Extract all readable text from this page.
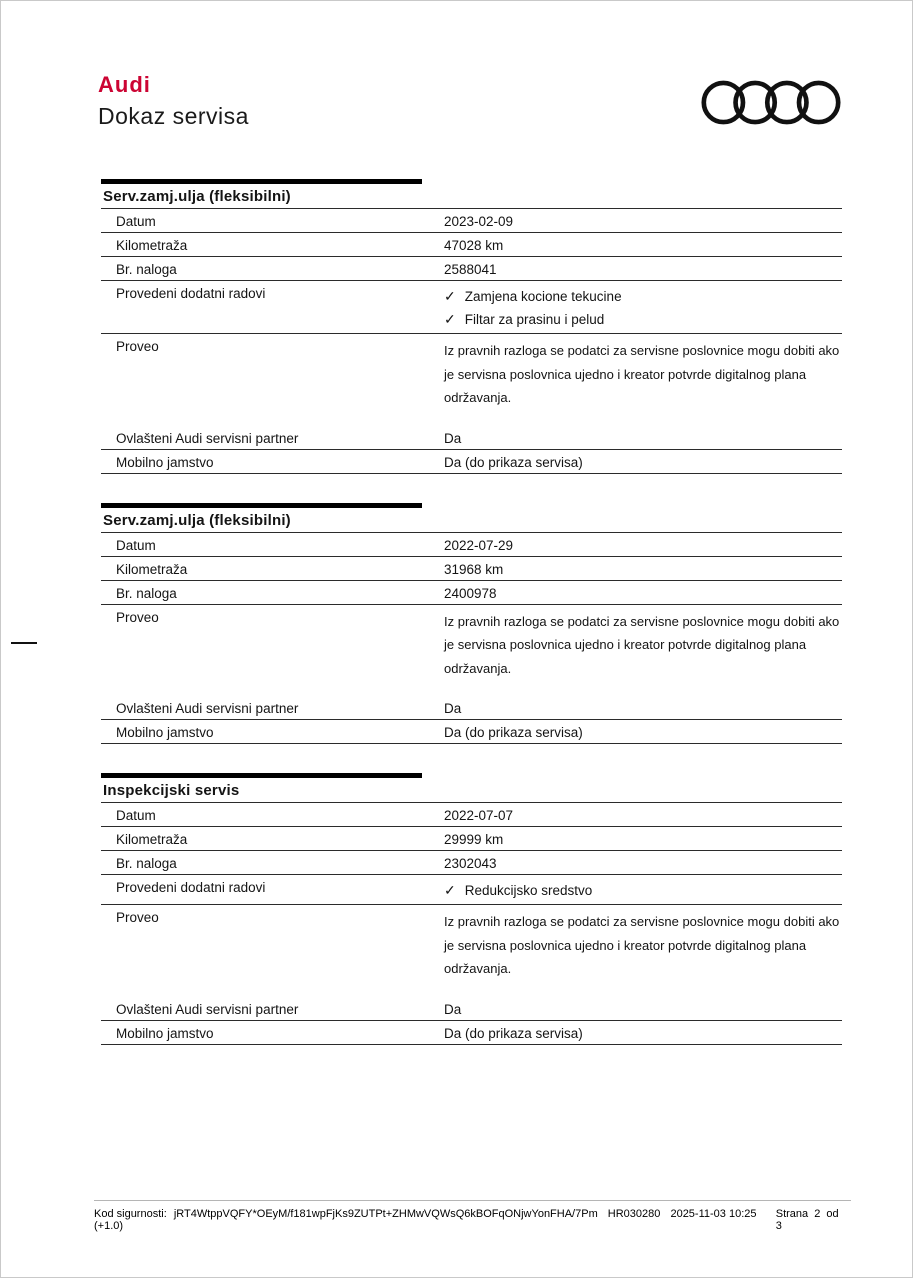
Audi
Dokaz servisa
Serv.zamj.ulja (fleksibilni)
Datum	2023-02-09
Kilometraža	47028 km
Br. naloga	2588041
Provedeni dodatni radovi	✓ Zamjena kocione tekucine
✓ Filtar za prasinu i pelud
Proveo	Iz pravnih razloga se podatci za servisne poslovnice mogu dobiti ako
je servisna poslovnica ujedno i kreator potvrde digitalnog plana
održavanja.
Ovlašteni Audi servisni partner	Da
Mobilno jamstvo	Da (do prikaza servisa)
Serv.zamj.ulja (fleksibilni)
Datum	2022-07-29
Kilometraža	31968 km
Br. naloga	2400978
Proveo	Iz pravnih razloga se podatci za servisne poslovnice mogu dobiti ako
je servisna poslovnica ujedno i kreator potvrde digitalnog plana
održavanja.
Ovlašteni Audi servisni partner	Da
Mobilno jamstvo	Da (do prikaza servisa)
Inspekcijski servis
Datum	2022-07-07
Kilometraža	29999 km
Br. naloga	2302043
Provedeni dodatni radovi	✓ Redukcijsko sredstvo
Proveo	Iz pravnih razloga se podatci za servisne poslovnice mogu dobiti ako
je servisna poslovnica ujedno i kreator potvrde digitalnog plana
održavanja.
Ovlašteni Audi servisni partner	Da
Mobilno jamstvo	Da (do prikaza servisa)
Kod sigurnosti: jRT4WtppVQFY*OEyM/f181wpFjKs9ZUTPt+ZHMwVQWsQ6kBOFqONjwYonFHA/7Pm HR030280 2025-11-03 10:25 (+1.0)
Strana 2 od 3
